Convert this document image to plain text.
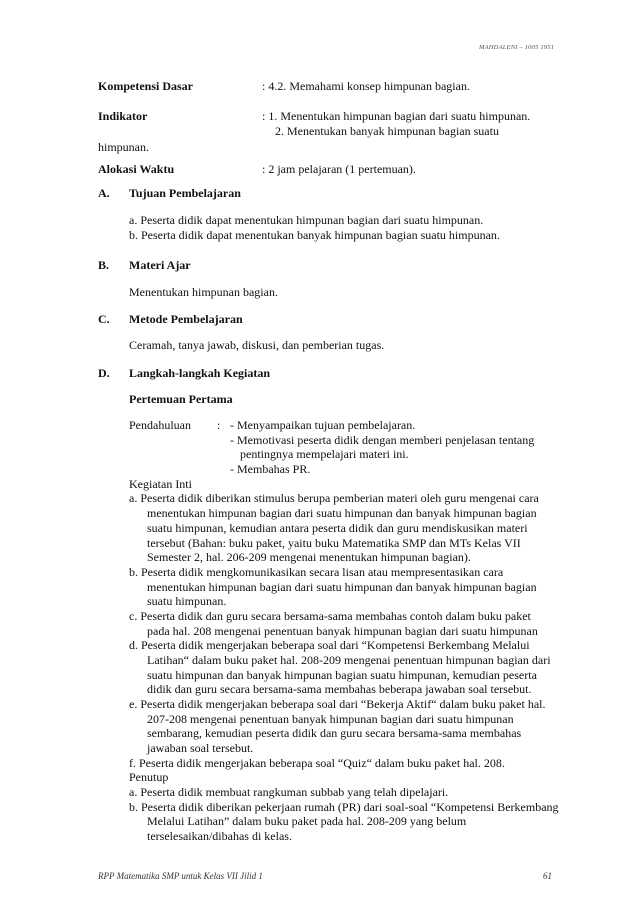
MAHDALENI – 1005 1951
Kompetensi Dasar	: 4.2. Memahami konsep himpunan bagian.
Indikator	: 1. Menentukan himpunan bagian dari suatu himpunan.
2. Menentukan banyak himpunan bagian suatu
himpunan.
Alokasi Waktu	: 2 jam pelajaran (1 pertemuan).
A. Tujuan Pembelajaran
a. Peserta didik dapat menentukan himpunan bagian dari suatu himpunan.
b. Peserta didik dapat menentukan banyak himpunan bagian suatu himpunan.
B. Materi Ajar
Menentukan himpunan bagian.
C. Metode Pembelajaran
Ceramah, tanya jawab, diskusi, dan pemberian tugas.
D. Langkah-langkah Kegiatan
Pertemuan Pertama
Pendahuluan : - Menyampaikan tujuan pembelajaran.
- Memotivasi peserta didik dengan memberi penjelasan tentang
pentingnya mempelajari materi ini.
- Membahas PR.
Kegiatan Inti
a. Peserta didik diberikan stimulus berupa pemberian materi oleh guru mengenai cara
menentukan himpunan bagian dari suatu himpunan dan banyak himpunan bagian
suatu himpunan, kemudian antara peserta didik dan guru mendiskusikan materi
tersebut (Bahan: buku paket, yaitu buku Matematika SMP dan MTs Kelas VII
Semester 2, hal. 206-209 mengenai menentukan himpunan bagian).
b. Peserta didik mengkomunikasikan secara lisan atau mempresentasikan cara
menentukan himpunan bagian dari suatu himpunan dan banyak himpunan bagian
suatu himpunan.
c. Peserta didik dan guru secara bersama-sama membahas contoh dalam buku paket
pada hal. 208 mengenai penentuan banyak himpunan bagian dari suatu himpunan
d. Peserta didik mengerjakan beberapa soal dari “Kompetensi Berkembang Melalui
Latihan“ dalam buku paket hal. 208-209 mengenai penentuan himpunan bagian dari
suatu himpunan dan banyak himpunan bagian suatu himpunan, kemudian peserta
didik dan guru secara bersama-sama membahas beberapa jawaban soal tersebut.
e. Peserta didik mengerjakan beberapa soal dari “Bekerja Aktif“ dalam buku paket hal.
207-208 mengenai penentuan banyak himpunan bagian dari suatu himpunan
sembarang, kemudian peserta didik dan guru secara bersama-sama membahas
jawaban soal tersebut.
f. Peserta didik mengerjakan beberapa soal “Quiz“ dalam buku paket hal. 208.
Penutup
a. Peserta didik membuat rangkuman subbab yang telah dipelajari.
b. Peserta didik diberikan pekerjaan rumah (PR) dari soal-soal “Kompetensi Berkembang
Melalui Latihan” dalam buku paket pada hal. 208-209 yang belum
terselesaikan/dibahas di kelas.
RPP Matematika SMP untuk Kelas VII Jilid 1	61
